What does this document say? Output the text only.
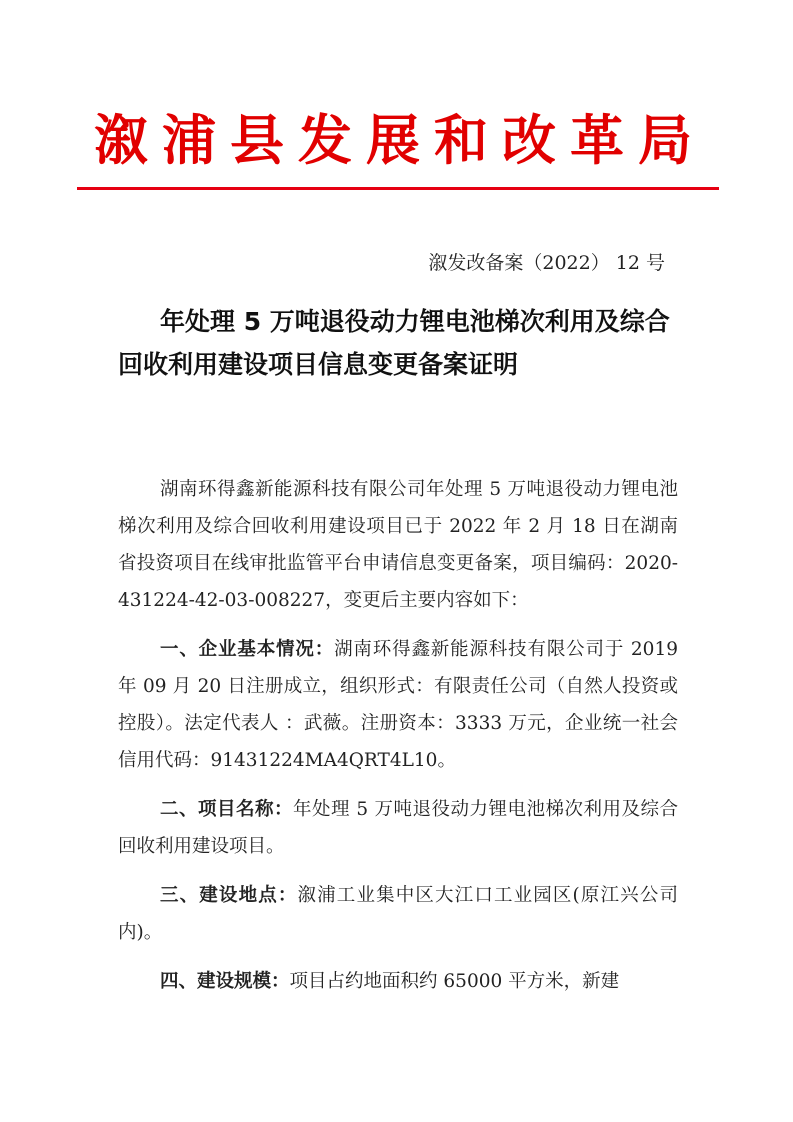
溆浦县发展和改革局
溆发改备案（2022） 12 号
年处理 5 万吨退役动力锂电池梯次利用及综合回收利用建设项目信息变更备案证明

湖南环得鑫新能源科技有限公司年处理 5 万吨退役动力锂电池梯次利用及综合回收利用建设项目已于 2022 年 2 月 18 日在湖南省投资项目在线审批监管平台申请信息变更备案，项目编码：2020-431224-42-03-008227，变更后主要内容如下：

一、企业基本情况：湖南环得鑫新能源科技有限公司于 2019 年 09 月 20 日注册成立，组织形式：有限责任公司（自然人投资或控股）。法定代表人 ：武薇。注册资本：3333 万元，企业统一社会信用代码：91431224MA4QRT4L10。

二、项目名称：年处理 5 万吨退役动力锂电池梯次利用及综合回收利用建设项目。

三、建设地点：溆浦工业集中区大江口工业园区(原江兴公司内)。

四、建设规模：项目占约地面积约 65000 平方米，新建
